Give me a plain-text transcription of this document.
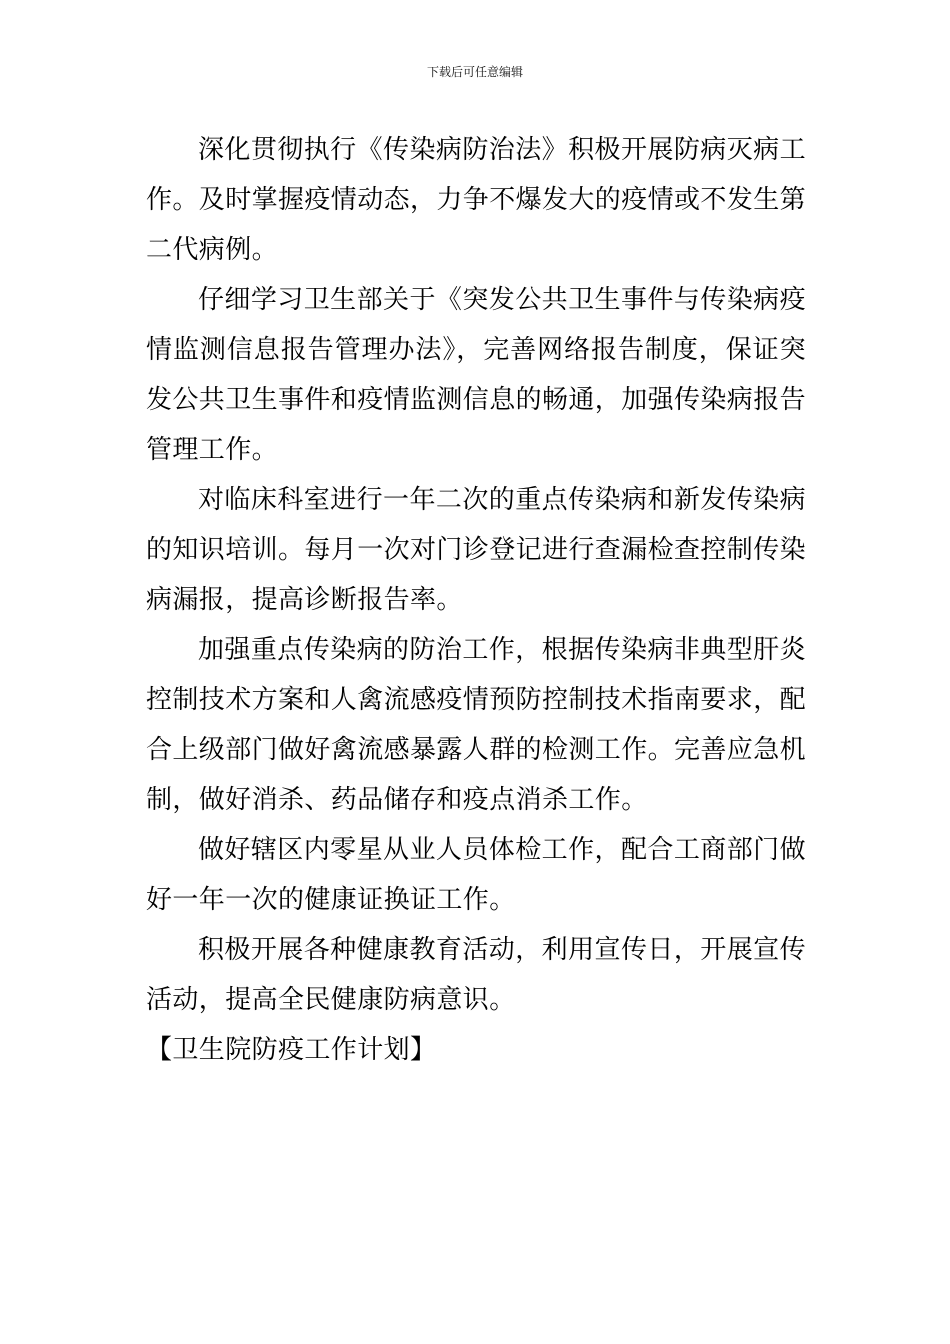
下载后可任意编辑

深化贯彻执行《传染病防治法》积极开展防病灭病工作。及时掌握疫情动态，力争不爆发大的疫情或不发生第二代病例。

仔细学习卫生部关于《突发公共卫生事件与传染病疫情监测信息报告管理办法》，完善网络报告制度，保证突发公共卫生事件和疫情监测信息的畅通，加强传染病报告管理工作。

对临床科室进行一年二次的重点传染病和新发传染病的知识培训。每月一次对门诊登记进行查漏检查控制传染病漏报，提高诊断报告率。

加强重点传染病的防治工作，根据传染病非典型肝炎控制技术方案和人禽流感疫情预防控制技术指南要求，配合上级部门做好禽流感暴露人群的检测工作。完善应急机制，做好消杀、药品储存和疫点消杀工作。

做好辖区内零星从业人员体检工作，配合工商部门做好一年一次的健康证换证工作。

积极开展各种健康教育活动，利用宣传日，开展宣传活动，提高全民健康防病意识。

【卫生院防疫工作计划】
